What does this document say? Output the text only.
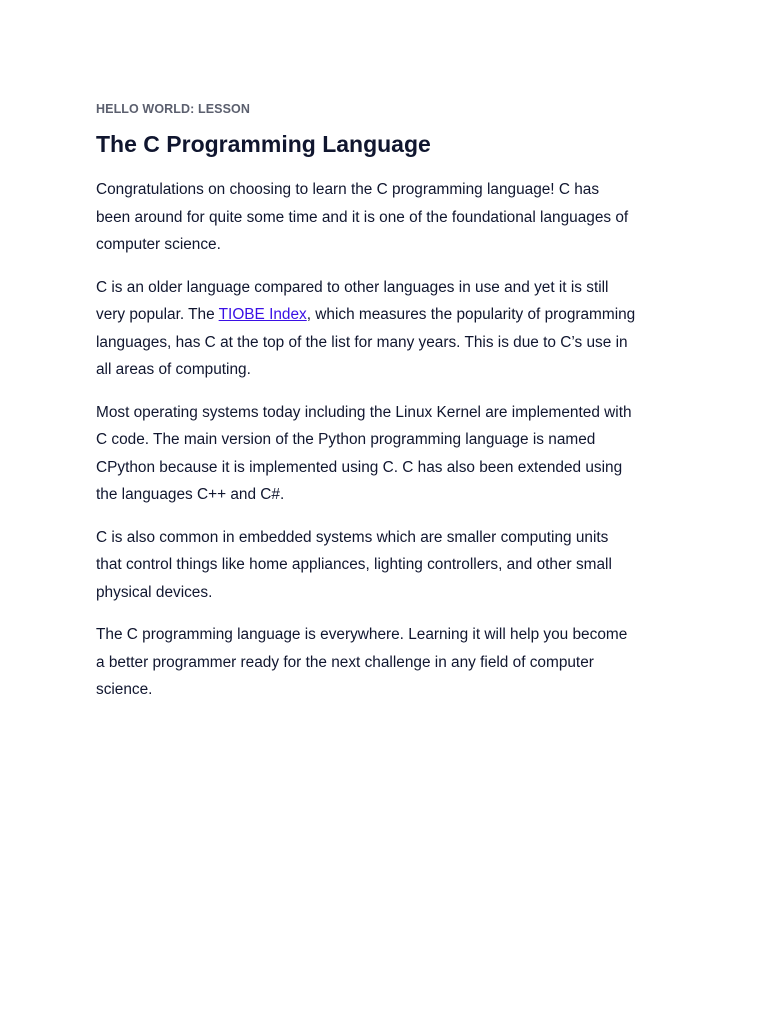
HELLO WORLD: LESSON
The C Programming Language

Congratulations on choosing to learn the C programming language! C has been around for quite some time and it is one of the foundational languages of computer science.

C is an older language compared to other languages in use and yet it is still very popular. The TIOBE Index, which measures the popularity of programming languages, has C at the top of the list for many years. This is due to C’s use in all areas of computing.

Most operating systems today including the Linux Kernel are implemented with C code. The main version of the Python programming language is named CPython because it is implemented using C. C has also been extended using the languages C++ and C#.

C is also common in embedded systems which are smaller computing units that control things like home appliances, lighting controllers, and other small physical devices.

The C programming language is everywhere. Learning it will help you become a better programmer ready for the next challenge in any field of computer science.
